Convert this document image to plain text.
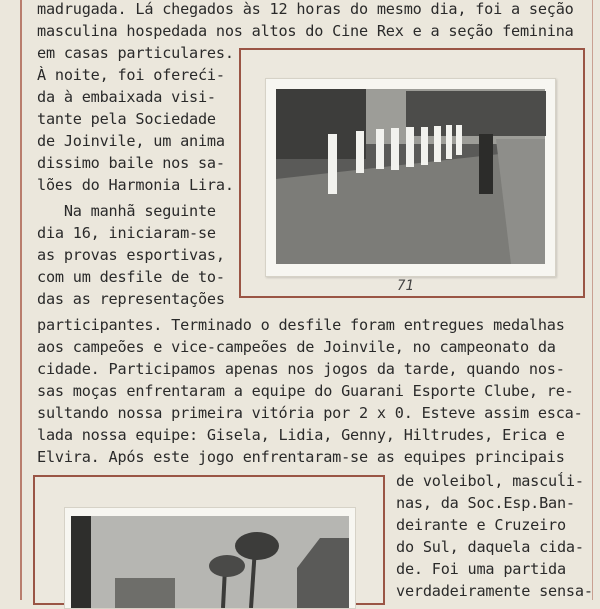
madrugada. Lá chegados às 12 horas do mesmo dia, foi a seção
masculina hospedada nos altos do Cine Rex e a seção feminina
em casas particulares.
À noite, foi ofereći-
da à embaixada visi-
tante pela Sociedade
de Joinvile, um anima
dissimo baile nos sa-
lões do Harmonia Lira.
Na manhã seguinte
dia 16, iniciaram-se
as provas esportivas,
com um desfile de to-
das as representações
71
participantes. Terminado o desfile foram entregues medalhas
aos campeões e vice-campeões de Joinvile, no campeonato da
cidade. Participamos apenas nos jogos da tarde, quando nos-
sas moças enfrentaram a equipe do Guarani Esporte Clube, re-
sultando nossa primeira vitória por 2 x 0. Esteve assim esca-
lada nossa equipe: Gisela, Lidia, Genny, Hiltrudes, Erica e
Elvira. Após este jogo enfrentaram-se as equipes principais
de voleibol, mascuĺi-
nas, da Soc.Esp.Ban-
deirante e Cruzeiro
do Sul, daquela cida-
de. Foi uma partida
verdadeiramente sensa-
